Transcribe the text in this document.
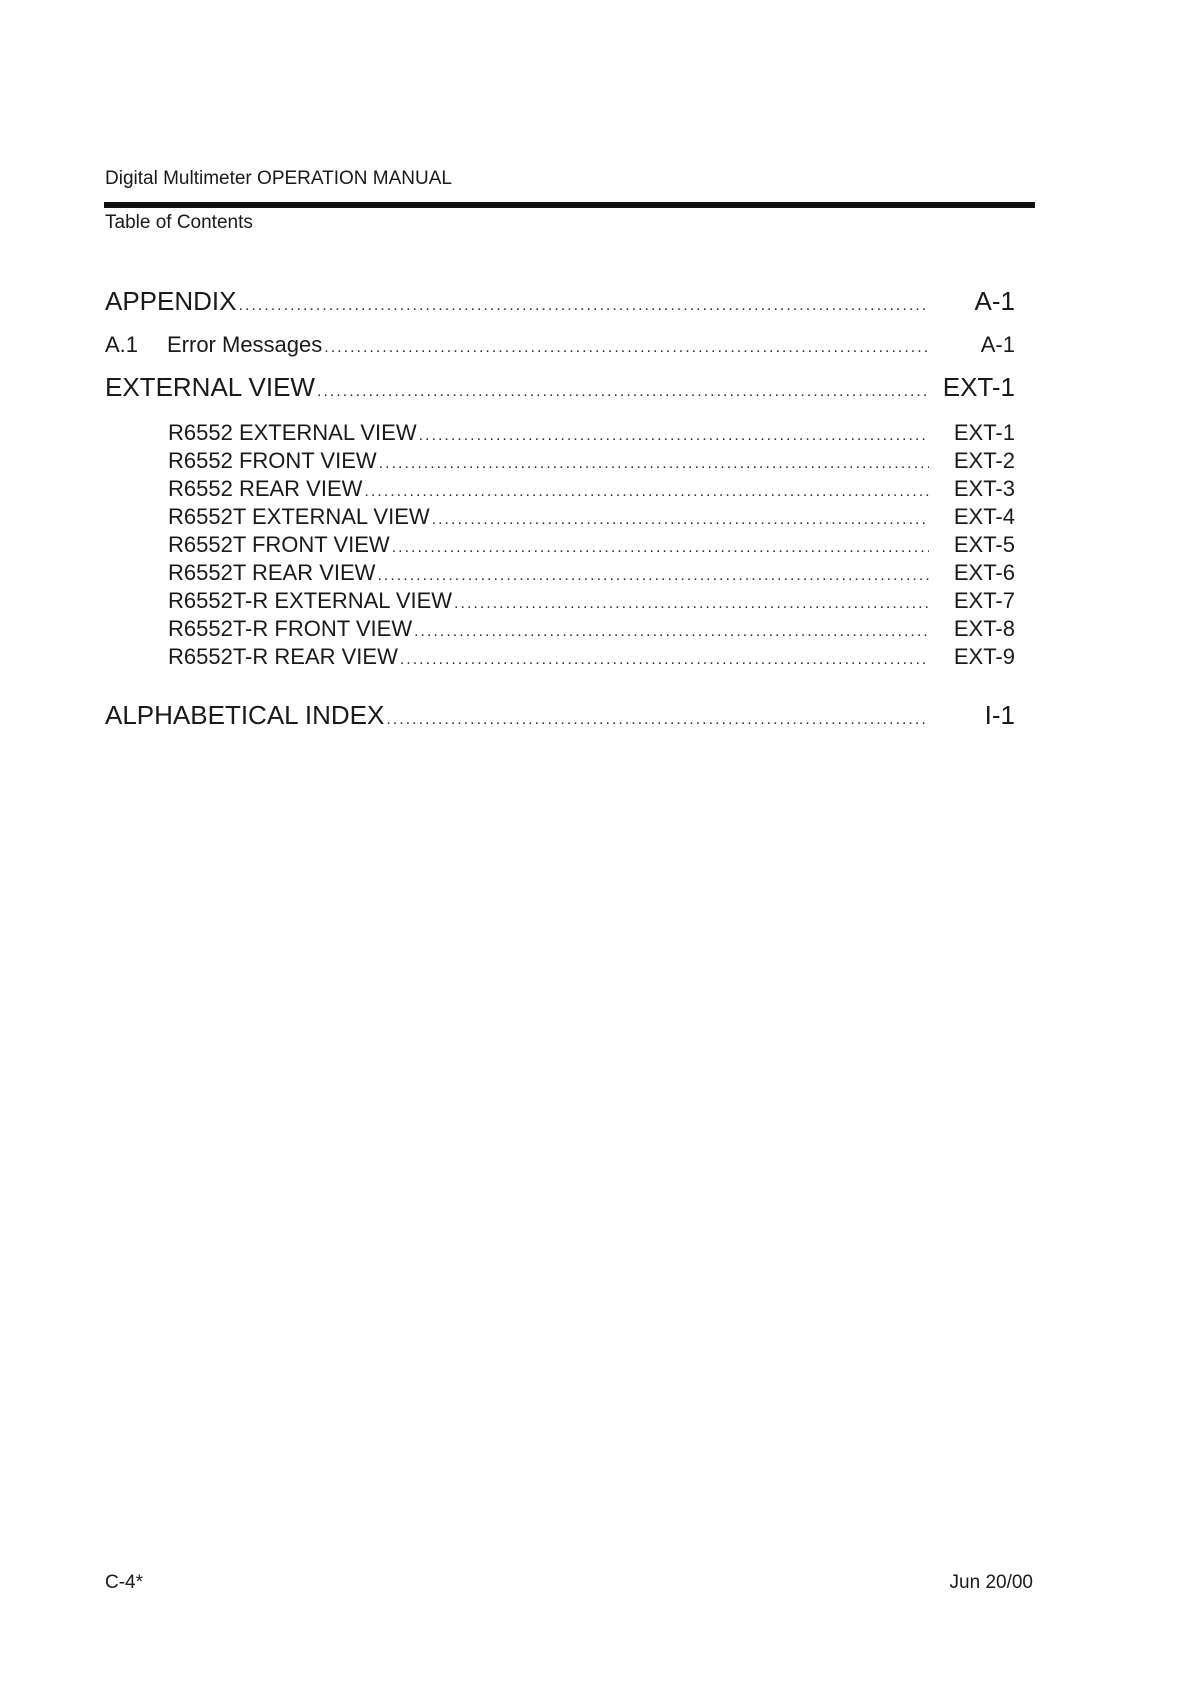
Digital Multimeter OPERATION MANUAL
Table of Contents
APPENDIX .....	A-1
A.1 Error Messages .....	A-1
EXTERNAL VIEW .....	EXT-1
R6552 EXTERNAL VIEW .....	EXT-1
R6552 FRONT VIEW .....	EXT-2
R6552 REAR VIEW .....	EXT-3
R6552T EXTERNAL VIEW .....	EXT-4
R6552T FRONT VIEW .....	EXT-5
R6552T REAR VIEW .....	EXT-6
R6552T-R EXTERNAL VIEW .....	EXT-7
R6552T-R FRONT VIEW .....	EXT-8
R6552T-R REAR VIEW .....	EXT-9
ALPHABETICAL INDEX .....	I-1
C-4*	Jun 20/00
